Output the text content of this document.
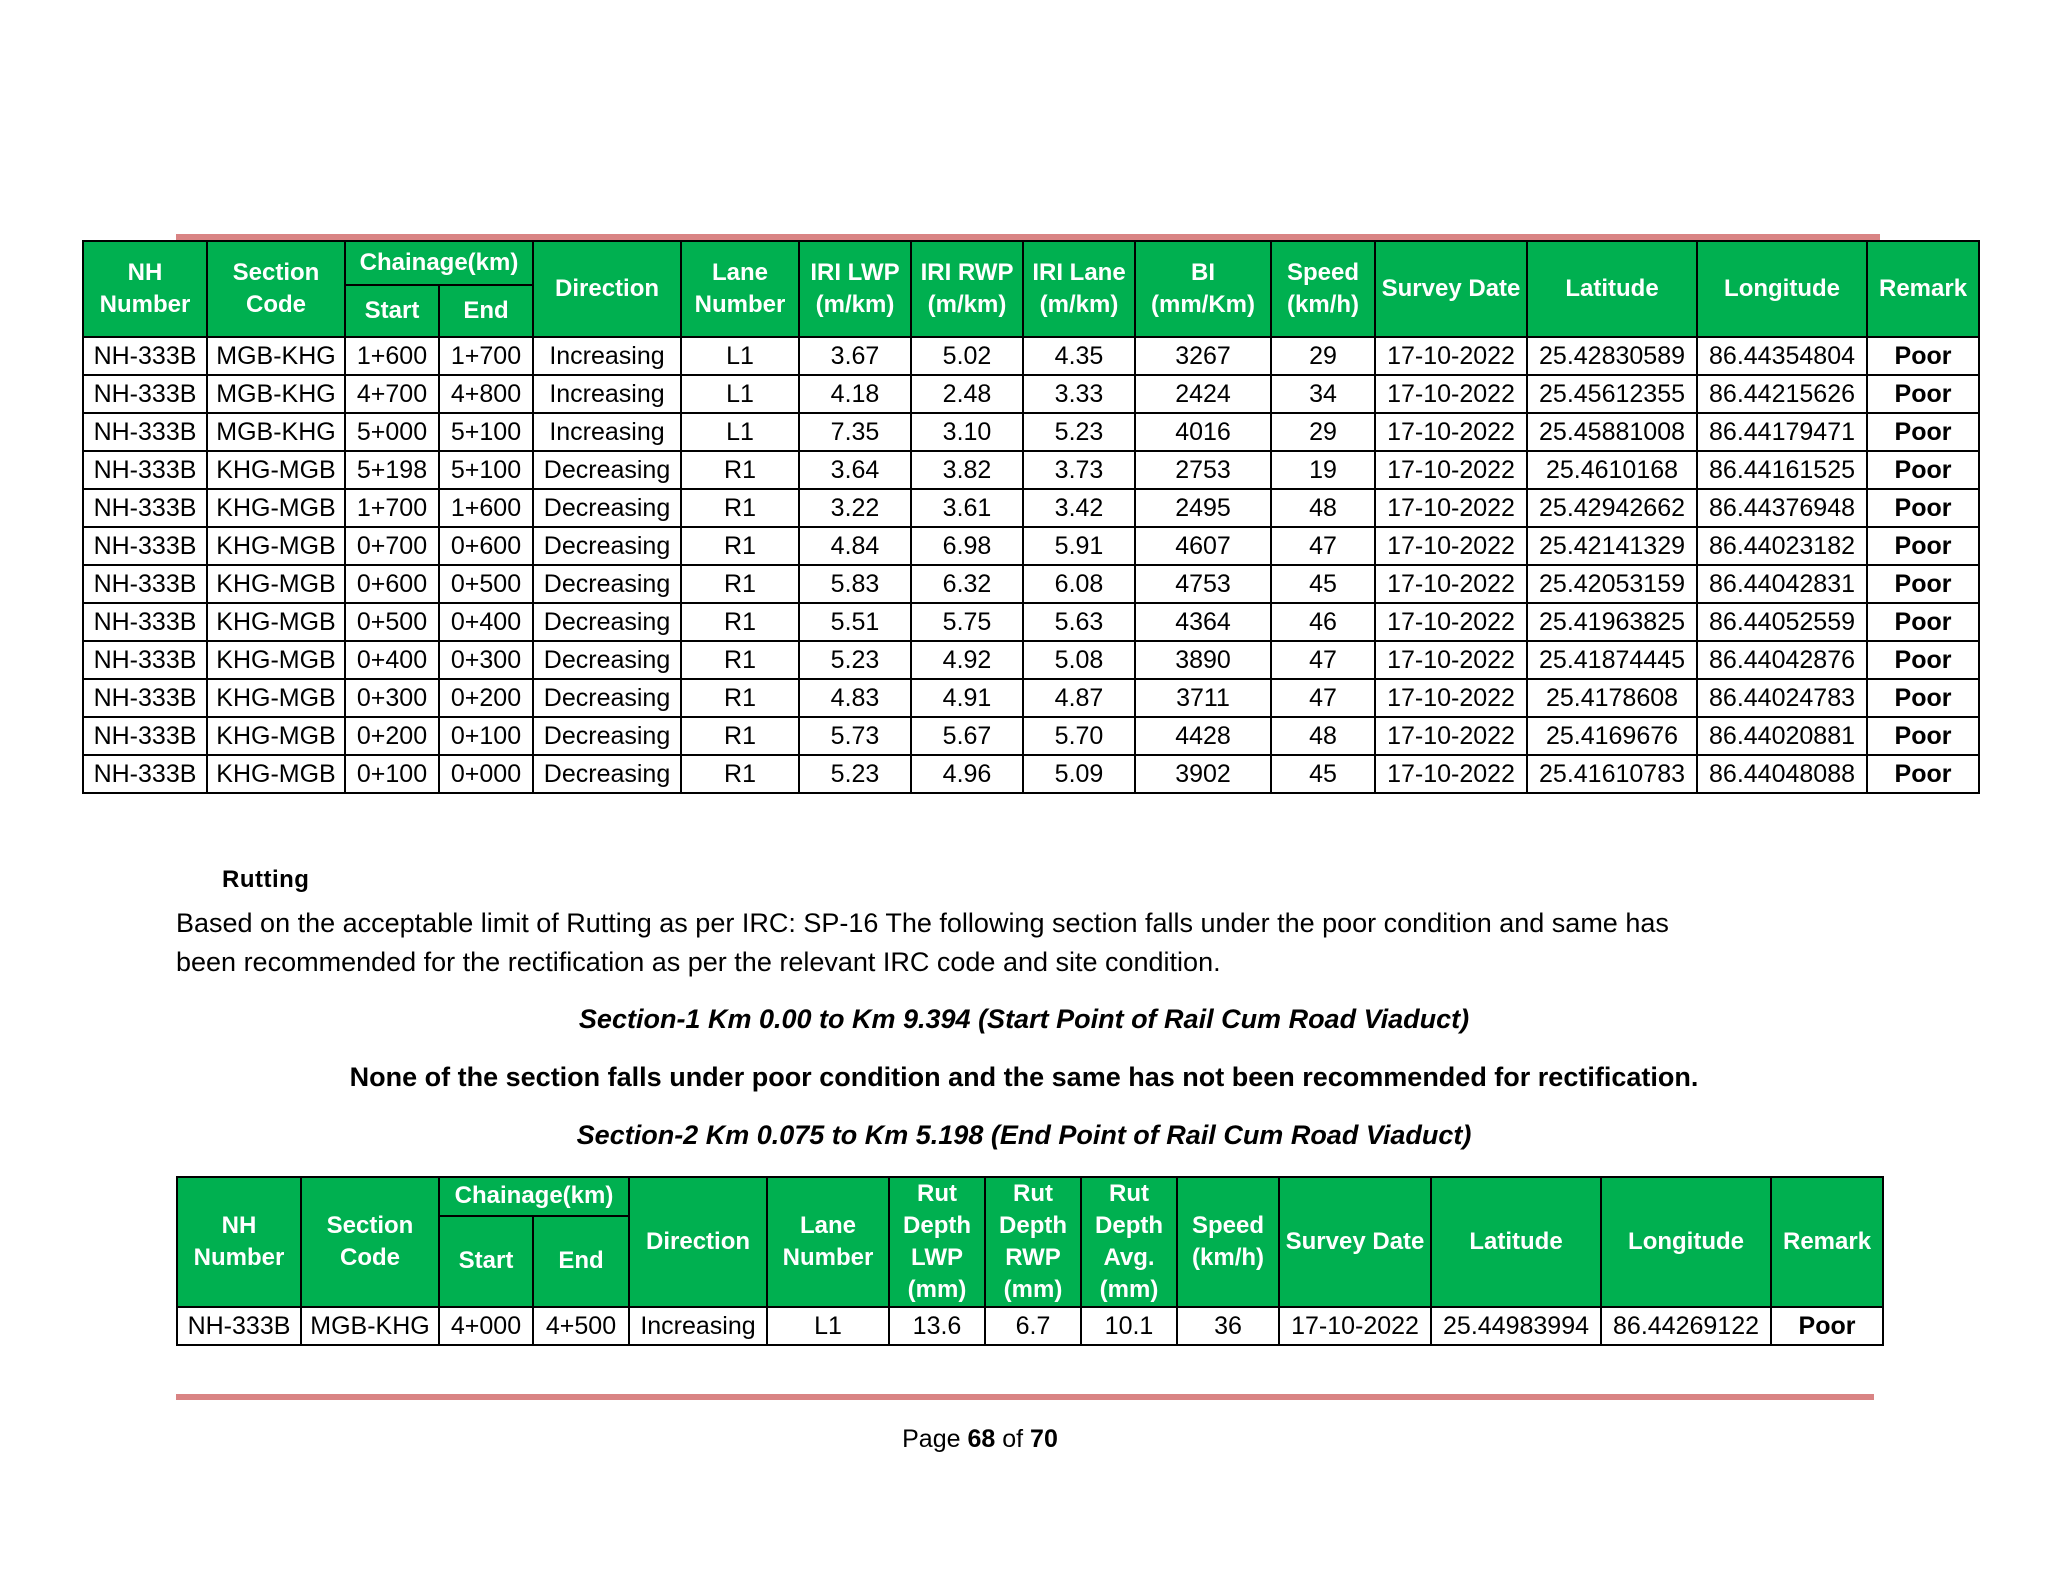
NH Number	Section Code	Chainage(km)		Direction	Lane Number	IRI LWP (m/km)	IRI RWP (m/km)	IRI Lane (m/km)	BI (mm/Km)	Speed (km/h)	Survey Date	Latitude	Longitude	Remark
		Start	End											
NH-333B	MGB-KHG	1+600	1+700	Increasing	L1	3.67	5.02	4.35	3267	29	17-10-2022	25.42830589	86.44354804	Poor
NH-333B	MGB-KHG	4+700	4+800	Increasing	L1	4.18	2.48	3.33	2424	34	17-10-2022	25.45612355	86.44215626	Poor
NH-333B	MGB-KHG	5+000	5+100	Increasing	L1	7.35	3.10	5.23	4016	29	17-10-2022	25.45881008	86.44179471	Poor
NH-333B	KHG-MGB	5+198	5+100	Decreasing	R1	3.64	3.82	3.73	2753	19	17-10-2022	25.4610168	86.44161525	Poor
NH-333B	KHG-MGB	1+700	1+600	Decreasing	R1	3.22	3.61	3.42	2495	48	17-10-2022	25.42942662	86.44376948	Poor
NH-333B	KHG-MGB	0+700	0+600	Decreasing	R1	4.84	6.98	5.91	4607	47	17-10-2022	25.42141329	86.44023182	Poor
NH-333B	KHG-MGB	0+600	0+500	Decreasing	R1	5.83	6.32	6.08	4753	45	17-10-2022	25.42053159	86.44042831	Poor
NH-333B	KHG-MGB	0+500	0+400	Decreasing	R1	5.51	5.75	5.63	4364	46	17-10-2022	25.41963825	86.44052559	Poor
NH-333B	KHG-MGB	0+400	0+300	Decreasing	R1	5.23	4.92	5.08	3890	47	17-10-2022	25.41874445	86.44042876	Poor
NH-333B	KHG-MGB	0+300	0+200	Decreasing	R1	4.83	4.91	4.87	3711	47	17-10-2022	25.4178608	86.44024783	Poor
NH-333B	KHG-MGB	0+200	0+100	Decreasing	R1	5.73	5.67	5.70	4428	48	17-10-2022	25.4169676	86.44020881	Poor
NH-333B	KHG-MGB	0+100	0+000	Decreasing	R1	5.23	4.96	5.09	3902	45	17-10-2022	25.41610783	86.44048088	Poor
Rutting
Based on the acceptable limit of Rutting as per IRC: SP-16 The following section falls under the poor condition and same has been recommended for the rectification as per the relevant IRC code and site condition.
Section-1 Km 0.00 to Km 9.394 (Start Point of Rail Cum Road Viaduct)
None of the section falls under poor condition and the same has not been recommended for rectification.
Section-2 Km 0.075 to Km 5.198 (End Point of Rail Cum Road Viaduct)
NH Number	Section Code	Chainage(km)		Direction	Lane Number	Rut Depth LWP (mm)	Rut Depth RWP (mm)	Rut Depth Avg. (mm)	Speed (km/h)	Survey Date	Latitude	Longitude	Remark
		Start	End										
NH-333B	MGB-KHG	4+000	4+500	Increasing	L1	13.6	6.7	10.1	36	17-10-2022	25.44983994	86.44269122	Poor
Page 68 of 70
